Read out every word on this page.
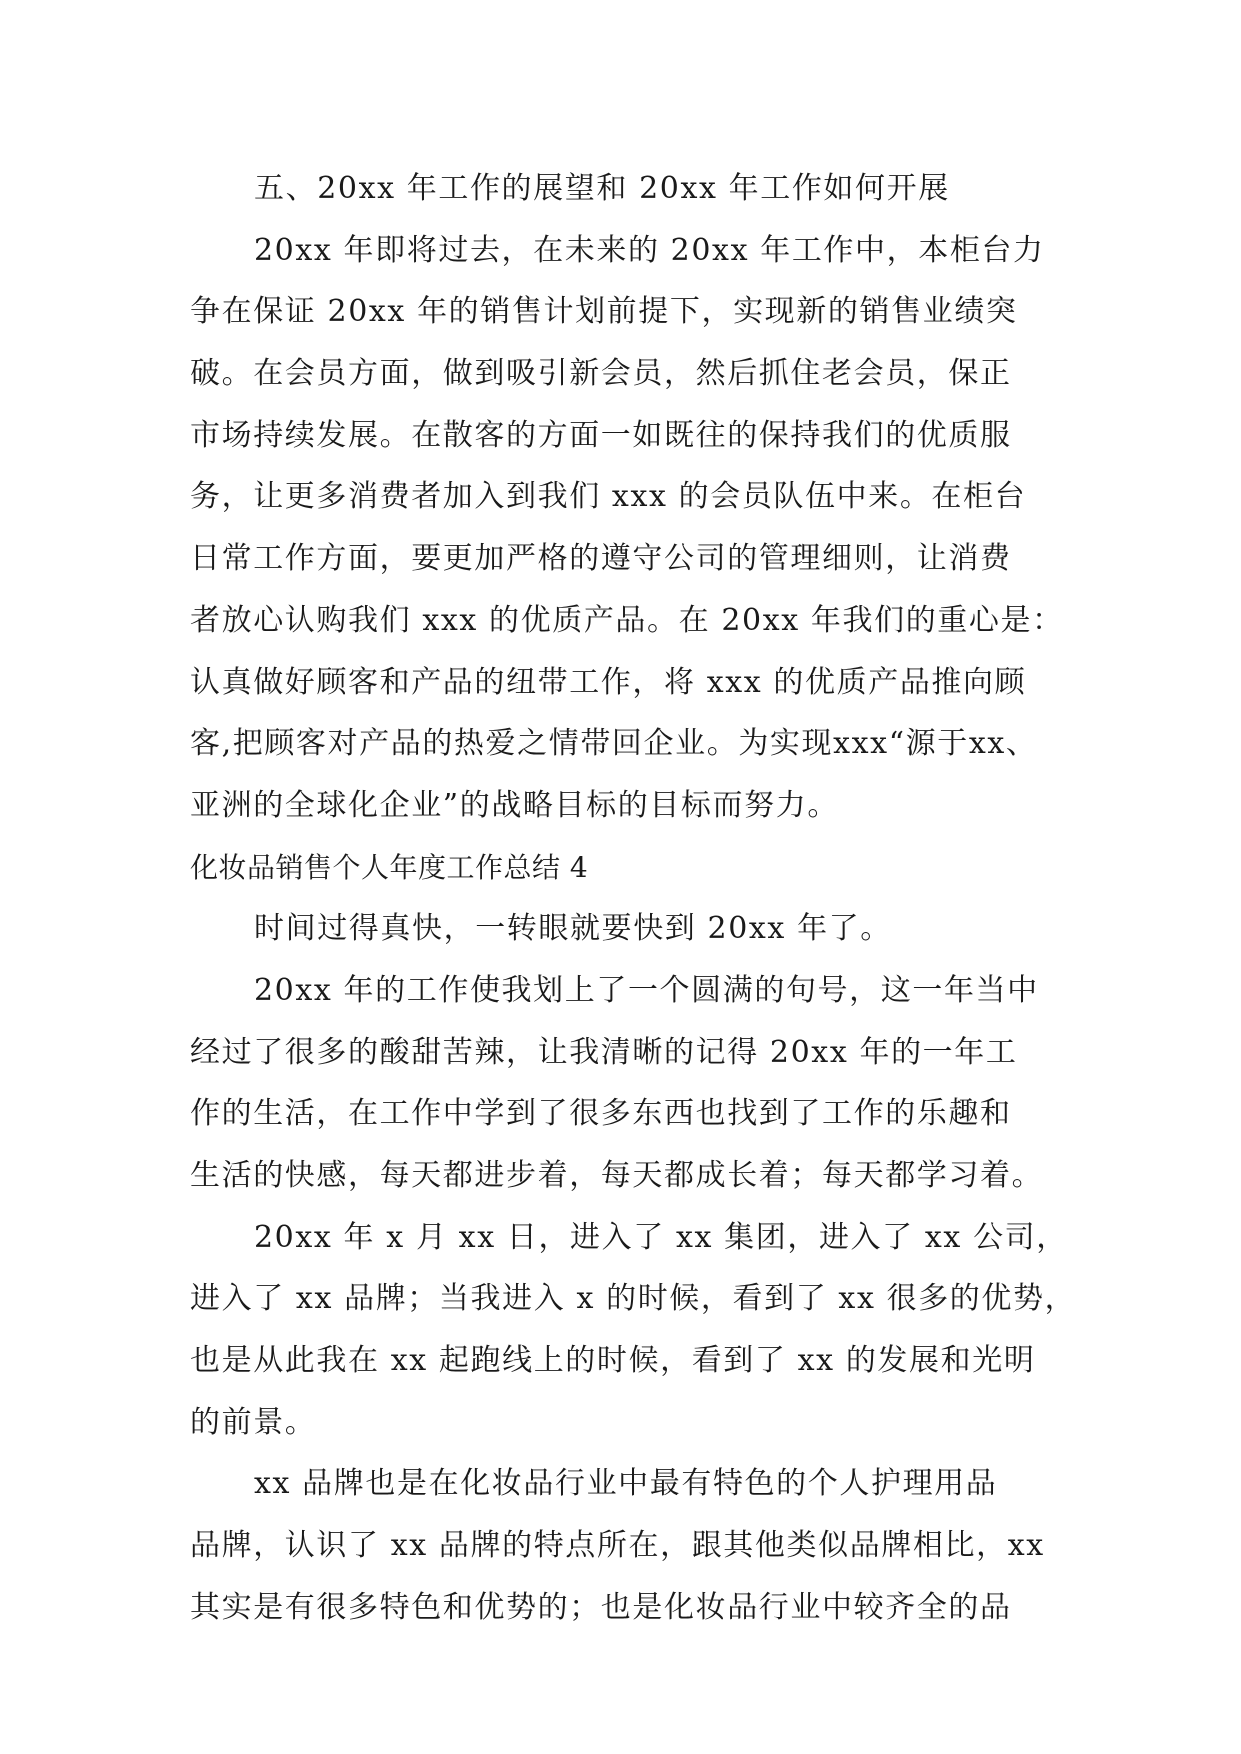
五、20xx 年工作的展望和 20xx 年工作如何开展
20xx 年即将过去，在未来的 20xx 年工作中，本柜台力
争在保证 20xx 年的销售计划前提下，实现新的销售业绩突
破。在会员方面，做到吸引新会员，然后抓住老会员，保正
市场持续发展。在散客的方面一如既往的保持我们的优质服
务，让更多消费者加入到我们 xxx 的会员队伍中来。在柜台
日常工作方面，要更加严格的遵守公司的管理细则，让消费
者放心认购我们 xxx 的优质产品。在 20xx 年我们的重心是：
认真做好顾客和产品的纽带工作，将 xxx 的优质产品推向顾
客,把顾客对产品的热爱之情带回企业。为实现xxx“源于xx、
亚洲的全球化企业”的战略目标的目标而努力。
化妆品销售个人年度工作总结 4
时间过得真快，一转眼就要快到 20xx 年了。
20xx 年的工作使我划上了一个圆满的句号，这一年当中
经过了很多的酸甜苦辣，让我清晰的记得 20xx 年的一年工
作的生活，在工作中学到了很多东西也找到了工作的乐趣和
生活的快感，每天都进步着，每天都成长着；每天都学习着。
20xx 年 x 月 xx 日，进入了 xx 集团，进入了 xx 公司，
进入了 xx 品牌；当我进入 x 的时候，看到了 xx 很多的优势，
也是从此我在 xx 起跑线上的时候，看到了 xx 的发展和光明
的前景。
xx 品牌也是在化妆品行业中最有特色的个人护理用品
品牌，认识了 xx 品牌的特点所在，跟其他类似品牌相比，xx
其实是有很多特色和优势的；也是化妆品行业中较齐全的品
